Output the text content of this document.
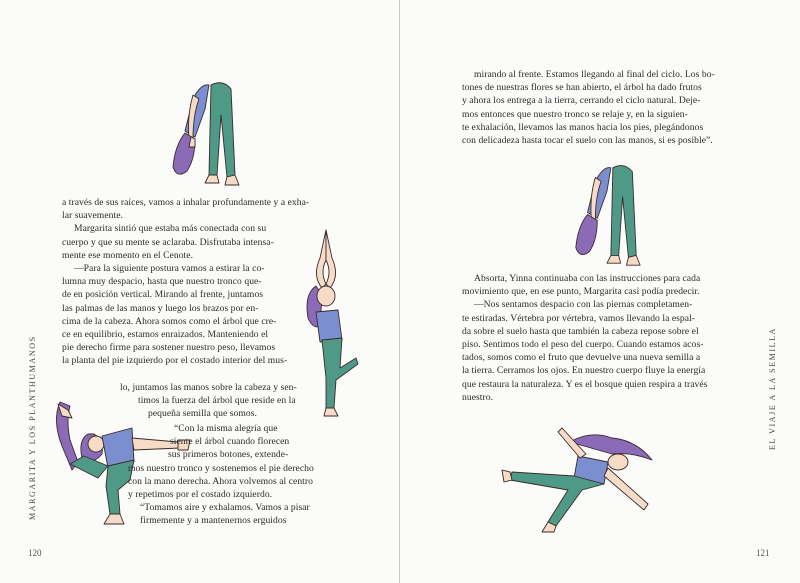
a través de sus raíces, vamos a inhalar profundamente y a exha-
lar suavemente.
Margarita sintió que estaba más conectada con su
cuerpo y que su mente se aclaraba. Disfrutaba intensa-
mente ese momento en el Cenote.
—Para la siguiente postura vamos a estirar la co-
lumna muy despacio, hasta que nuestro tronco que-
de en posición vertical. Mirando al frente, juntamos
las palmas de las manos y luego los brazos por en-
cima de la cabeza. Ahora somos como el árbol que cre-
ce en equilibrio, estamos enraizados. Manteniendo el
pie derecho firme para sostener nuestro peso, llevamos
la planta del pie izquierdo por el costado interior del mus-
lo, juntamos las manos sobre la cabeza y sen-
timos la fuerza del árbol que reside en la
pequeña semilla que somos.
“Con la misma alegría que
siente el árbol cuando florecen
sus primeros botones, extende-
mos nuestro tronco y sostenemos el pie derecho
con la mano derecha. Ahora volvemos al centro
y repetimos por el costado izquierdo.
“Tomamos aire y exhalamos. Vamos a pisar
firmemente y a mantenernos erguidos
MARGARITA Y LOS PLANTHUMANOS
120
mirando al frente. Estamos llegando al final del ciclo. Los bo-
tones de nuestras flores se han abierto, el árbol ha dado frutos
y ahora los entrega a la tierra, cerrando el ciclo natural. Deje-
mos entonces que nuestro tronco se relaje y, en la siguien-
te exhalación, llevamos las manos hacia los pies, plegándonos
con delicadeza hasta tocar el suelo con las manos, si es posible”.
Absorta, Yinna continuaba con las instrucciones para cada
movimiento que, en ese punto, Margarita casi podía predecir.
—Nos sentamos despacio con las piernas completamen-
te estiradas. Vértebra por vértebra, vamos llevando la espal-
da sobre el suelo hasta que también la cabeza repose sobre el
piso. Sentimos todo el peso del cuerpo. Cuando estamos acos-
tados, somos como el fruto que devuelve una nueva semilla a
la tierra. Cerramos los ojos. En nuestro cuerpo fluye la energía
que restaura la naturaleza. Y es el bosque quien respira a través
nuestro.	EL VIAJE A LA SEMILLA
121
